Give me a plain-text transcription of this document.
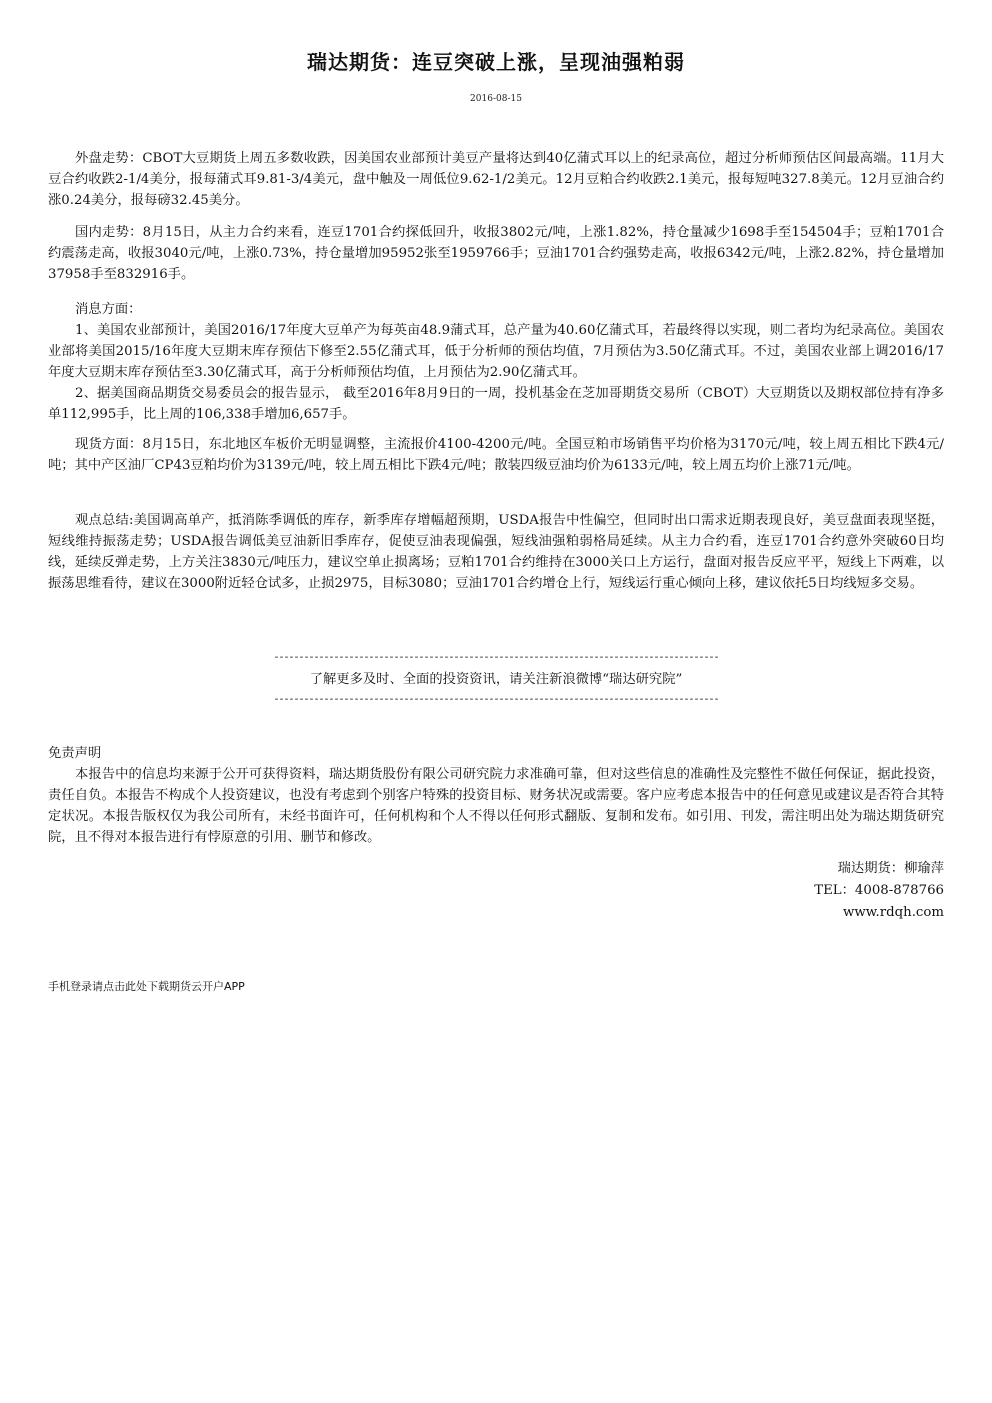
瑞达期货：连豆突破上涨，呈现油强粕弱
2016-08-15

外盘走势：CBOT大豆期货上周五多数收跌，因美国农业部预计美豆产量将达到40亿蒲式耳以上的纪录高位，超过分析师预估区间最高端。11月大豆合约收跌2-1/4美分，报每蒲式耳9.81-3/4美元，盘中触及一周低位9.62-1/2美元。12月豆粕合约收跌2.1美元，报每短吨327.8美元。12月豆油合约涨0.24美分，报每磅32.45美分。

国内走势：8月15日，从主力合约来看，连豆1701合约探低回升，收报3802元/吨，上涨1.82%，持仓量减少1698手至154504手；豆粕1701合约震荡走高，收报3040元/吨，上涨0.73%，持仓量增加95952张至1959766手；豆油1701合约强势走高，收报6342元/吨，上涨2.82%，持仓量增加37958手至832916手。

消息方面：

1、美国农业部预计，美国2016/17年度大豆单产为每英亩48.9蒲式耳，总产量为40.60亿蒲式耳，若最终得以实现，则二者均为纪录高位。美国农业部将美国2015/16年度大豆期末库存预估下修至2.55亿蒲式耳，低于分析师的预估均值，7月预估为3.50亿蒲式耳。不过，美国农业部上调2016/17年度大豆期末库存预估至3.30亿蒲式耳，高于分析师预估均值，上月预估为2.90亿蒲式耳。

2、据美国商品期货交易委员会的报告显示， 截至2016年8月9日的一周，投机基金在芝加哥期货交易所（CBOT）大豆期货以及期权部位持有净多单112,995手，比上周的106,338手增加6,657手。

现货方面：8月15日，东北地区车板价无明显调整，主流报价4100-4200元/吨。全国豆粕市场销售平均价格为3170元/吨，较上周五相比下跌4元/吨；其中产区油厂CP43豆粕均价为3139元/吨，较上周五相比下跌4元/吨；散装四级豆油均价为6133元/吨，较上周五均价上涨71元/吨。

观点总结:美国调高单产，抵消陈季调低的库存，新季库存增幅超预期，USDA报告中性偏空，但同时出口需求近期表现良好，美豆盘面表现坚挺，短线维持振荡走势；USDA报告调低美豆油新旧季库存，促使豆油表现偏强，短线油强粕弱格局延续。从主力合约看，连豆1701合约意外突破60日均线，延续反弹走势，上方关注3830元/吨压力，建议空单止损离场；豆粕1701合约维持在3000关口上方运行，盘面对报告反应平平，短线上下两难，以振荡思维看待，建议在3000附近轻仓试多，止损2975，目标3080；豆油1701合约增仓上行，短线运行重心倾向上移，建议依托5日均线短多交易。

-----------------------------------------------------------------------------------------
了解更多及时、全面的投资资讯，请关注新浪微博“瑞达研究院”
-----------------------------------------------------------------------------------------
免责声明

本报告中的信息均来源于公开可获得资料，瑞达期货股份有限公司研究院力求准确可靠，但对这些信息的准确性及完整性不做任何保证，据此投资，责任自负。本报告不构成个人投资建议，也没有考虑到个别客户特殊的投资目标、财务状况或需要。客户应考虑本报告中的任何意见或建议是否符合其特定状况。本报告版权仅为我公司所有，未经书面许可，任何机构和个人不得以任何形式翻版、复制和发布。如引用、刊发，需注明出处为瑞达期货研究院，且不得对本报告进行有悖原意的引用、删节和修改。

瑞达期货：柳瑜萍
TEL：4008-878766
www.rdqh.com
手机登录请点击此处下载期货云开户APP
